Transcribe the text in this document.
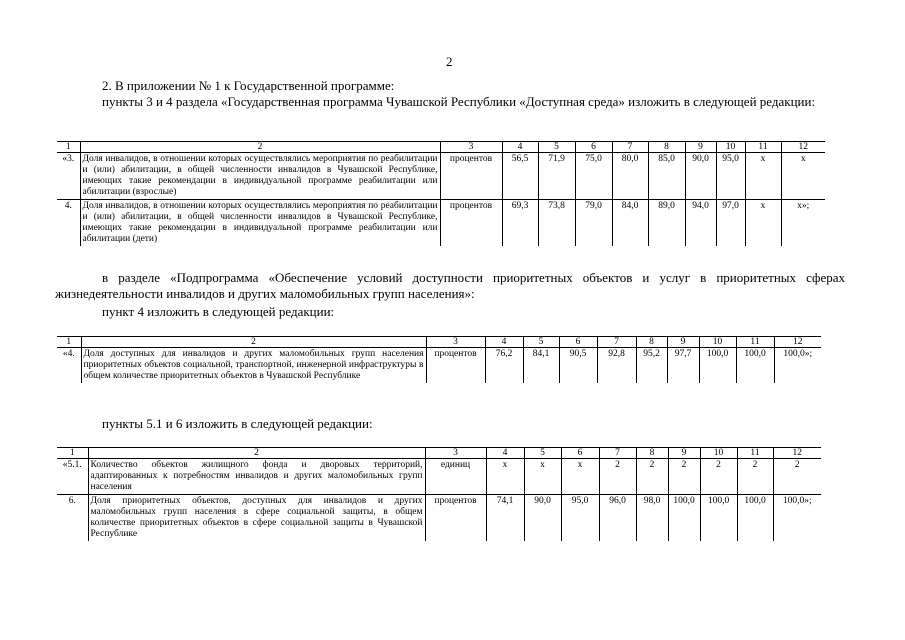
2

2. В приложении № 1 к Государственной программе:

пункты 3 и 4 раздела «Государственная программа Чувашской Республики «Доступная среда» изложить в следующей редакции:

1	2	3	4	5	6	7	8	9	10	11	12
«3.	Доля инвалидов, в отношении которых осуществлялись мероприятия по реабилитации и (или) абилитации, в общей численности инвалидов в Чувашской Республике, имеющих такие рекомендации в индивидуальной программе реабилитации или абилитации (взрослые)	процентов	56,5	71,9	75,0	80,0	85,0	90,0	95,0	х	х
4.	Доля инвалидов, в отношении которых осуществлялись мероприятия по реабилитации и (или) абилитации, в общей численности инвалидов в Чувашской Республике, имеющих такие рекомендации в индивидуальной программе реабилитации или абилитации (дети)	процентов	69,3	73,8	79,0	84,0	89,0	94,0	97,0	х	х»;

в разделе «Подпрограмма «Обеспечение условий доступности приоритетных объектов и услуг в приоритетных сферах жизнедеятельности инвалидов и других маломобильных групп населения»:

пункт 4 изложить в следующей редакции:

1	2	3	4	5	6	7	8	9	10	11	12
«4.	Доля доступных для инвалидов и других маломобильных групп населения приоритетных объектов социальной, транспортной, инженерной инфраструктуры в общем количестве приоритетных объектов в Чувашской Республике	процентов	76,2	84,1	90,5	92,8	95,2	97,7	100,0	100,0	100,0»;

пункты 5.1 и 6 изложить в следующей редакции:

1	2	3	4	5	6	7	8	9	10	11	12
«5.1.	Количество объектов жилищного фонда и дворовых территорий, адаптированных к потребностям инвалидов и других маломобильных групп населения	единиц	х	х	х	2	2	2	2	2	2
6.	Доля приоритетных объектов, доступных для инвалидов и других маломобильных групп населения в сфере социальной защиты, в общем количестве приоритетных объектов в сфере социальной защиты в Чувашской Республике	процентов	74,1	90,0	95,0	96,0	98,0	100,0	100,0	100,0	100,0»;
